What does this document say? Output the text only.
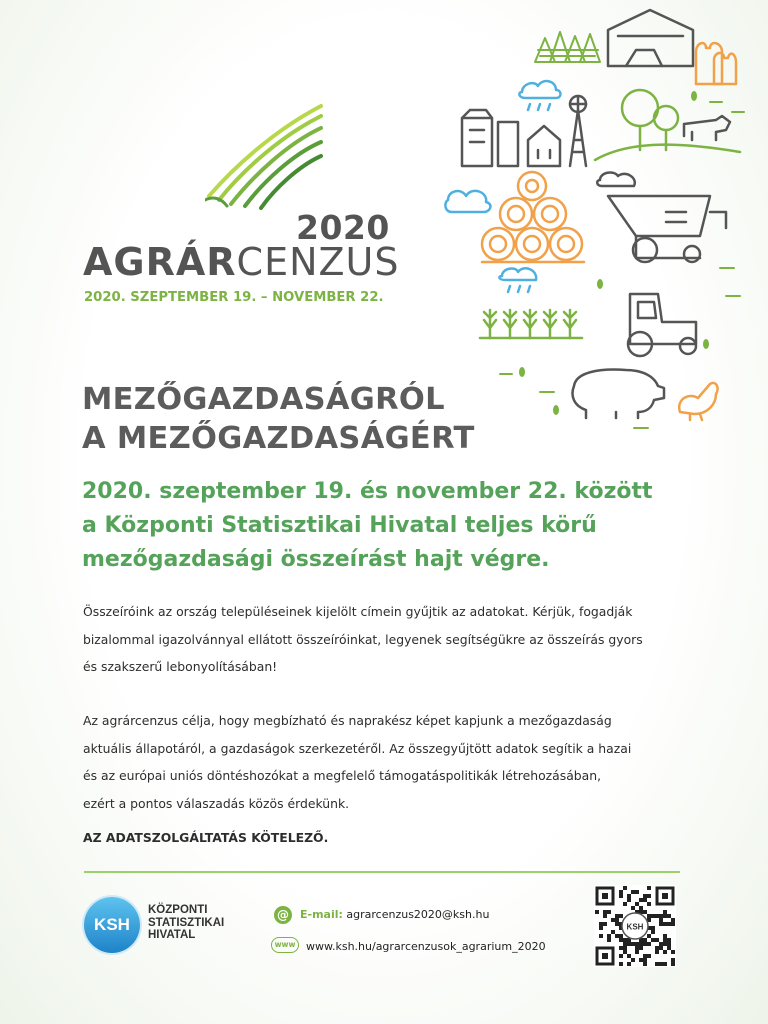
2020
AGRÁRCENZUS
2020. SZEPTEMBER 19. – NOVEMBER 22.
MEZŐGAZDASÁGRÓL
A MEZŐGAZDASÁGÉRT
2020. szeptember 19. és november 22. között
a Központi Statisztikai Hivatal teljes körű
mezőgazdasági összeírást hajt végre.
Összeíróink az ország településeinek kijelölt címein gyűjtik az adatokat. Kérjük, fogadják
bizalommal igazolvánnyal ellátott összeíróinkat, legyenek segítségükre az összeírás gyors
és szakszerű lebonyolításában!
Az agrárcenzus célja, hogy megbízható és naprakész képet kapjunk a mezőgazdaság
aktuális állapotáról, a gazdaságok szerkezetéről. Az összegyűjtött adatok segítik a hazai
és az európai uniós döntéshozókat a megfelelő támogatáspolitikák létrehozásában,
ezért a pontos válaszadás közös érdekünk.
AZ ADATSZOLGÁLTATÁS KÖTELEZŐ.
KSH
KÖZPONTI
STATISZTIKAI
HIVATAL
@ E-mail: agrarcenzus2020@ksh.hu
www www.ksh.hu/agrarcenzusok_agrarium_2020
KSH
